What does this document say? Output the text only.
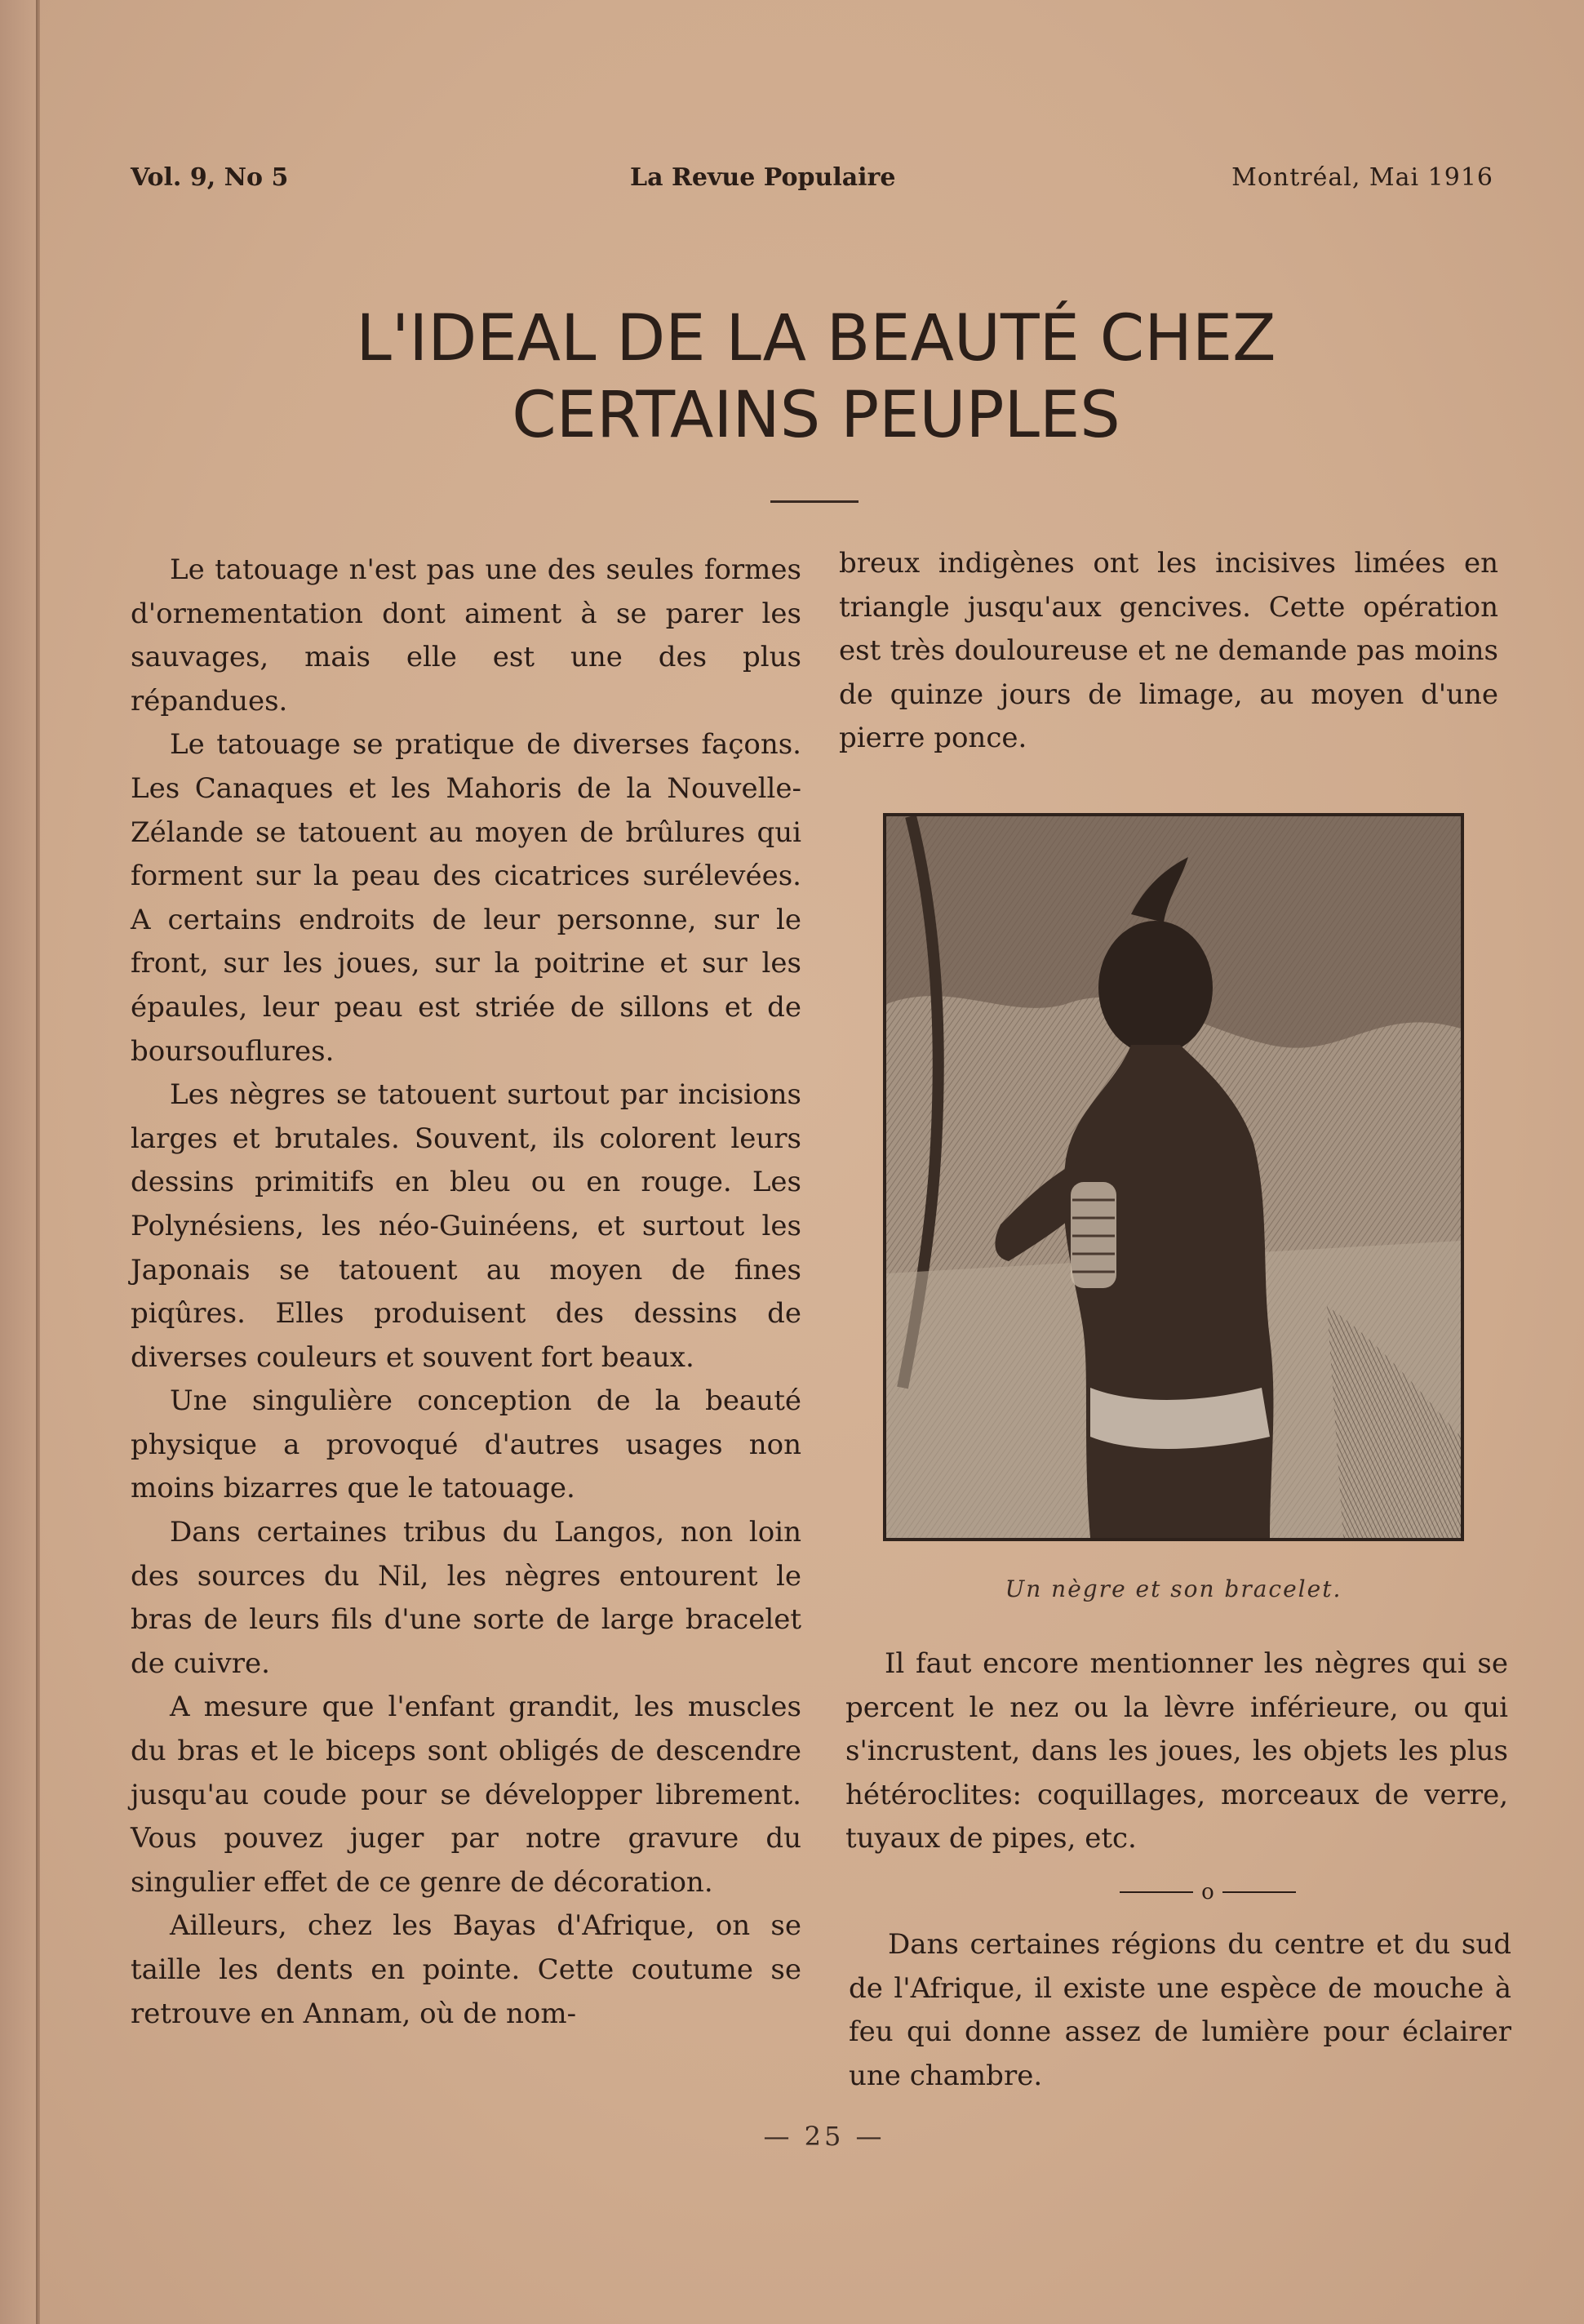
Vol. 9, No 5	La Revue Populaire	Montréal, Mai 1916
L'IDEAL DE LA BEAUTÉ CHEZ CERTAINS PEUPLES

Le tatouage n'est pas une des seules formes d'ornementation dont aiment à se parer les sauvages, mais elle est une des plus répandues.

Le tatouage se pratique de diverses façons. Les Canaques et les Mahoris de la Nouvelle-Zélande se tatouent au moyen de brûlures qui forment sur la peau des cicatrices surélevées. A certains endroits de leur personne, sur le front, sur les joues, sur la poitrine et sur les épaules, leur peau est striée de sillons et de boursouflures.

Les nègres se tatouent surtout par incisions larges et brutales. Souvent, ils colorent leurs dessins primitifs en bleu ou en rouge. Les Polynésiens, les néo-Guinéens, et surtout les Japonais se tatouent au moyen de fines piqûres. Elles produisent des dessins de diverses couleurs et souvent fort beaux.

Une singulière conception de la beauté physique a provoqué d'autres usages non moins bizarres que le tatouage.

Dans certaines tribus du Langos, non loin des sources du Nil, les nègres entourent le bras de leurs fils d'une sorte de large bracelet de cuivre.

A mesure que l'enfant grandit, les muscles du bras et le biceps sont obligés de descendre jusqu'au coude pour se développer librement. Vous pouvez juger par notre gravure du singulier effet de ce genre de décoration.

Ailleurs, chez les Bayas d'Afrique, on se taille les dents en pointe. Cette coutume se retrouve en Annam, où de nom-

breux indigènes ont les incisives limées en triangle jusqu'aux gencives. Cette opération est très douloureuse et ne demande pas moins de quinze jours de limage, au moyen d'une pierre ponce.

Un nègre et son bracelet.

Il faut encore mentionner les nègres qui se percent le nez ou la lèvre inférieure, ou qui s'incrustent, dans les joues, les objets les plus hétéroclites: coquillages, morceaux de verre, tuyaux de pipes, etc.

o

Dans certaines régions du centre et du sud de l'Afrique, il existe une espèce de mouche à feu qui donne assez de lumière pour éclairer une chambre.

— 25 —
